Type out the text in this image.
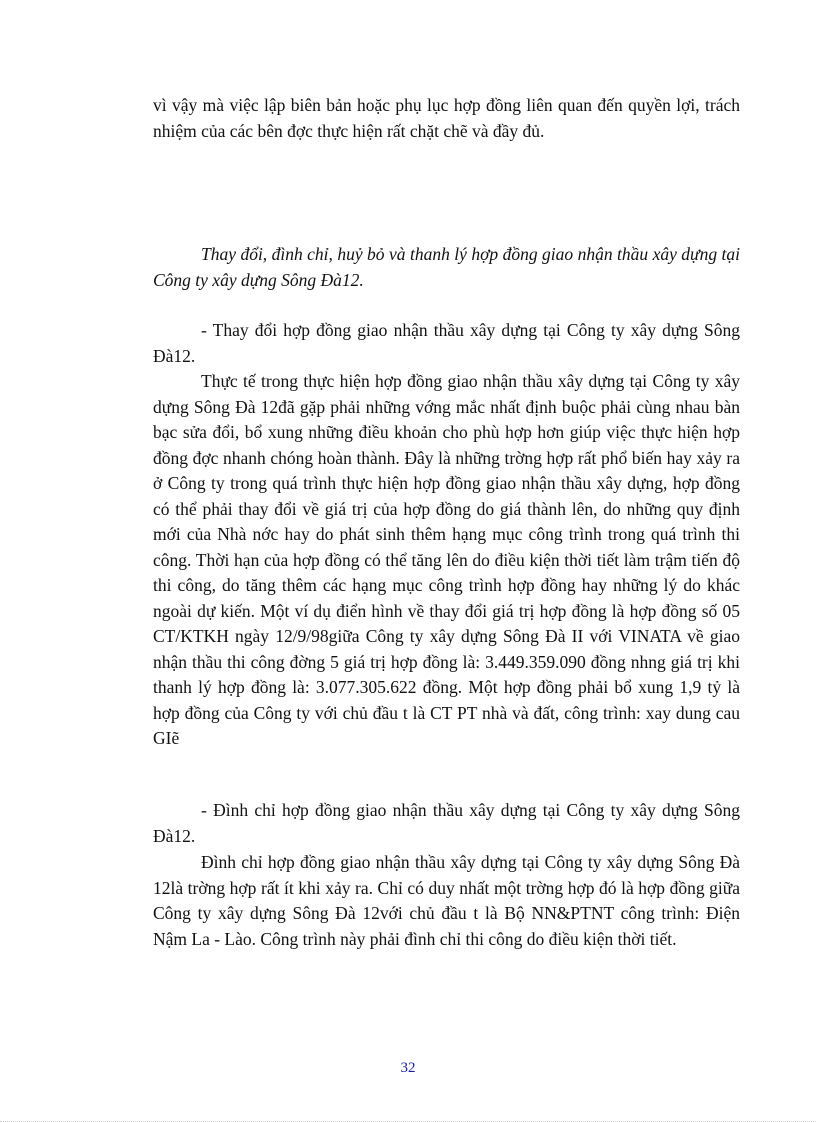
vì vậy mà việc lập biên bản hoặc phụ lục hợp đồng liên quan đến quyền lợi, trách nhiệm của các bên đợc thực hiện rất chặt chẽ và đầy đủ.

Thay đổi, đình chỉ, huỷ bỏ và thanh lý hợp đồng giao nhận thầu xây dựng tại Công ty xây dựng Sông Đà12.

- Thay đổi hợp đồng giao nhận thầu xây dựng tại Công ty xây dựng Sông Đà12.

Thực tế trong thực hiện hợp đồng giao nhận thầu xây dựng tại Công ty xây dựng Sông Đà 12đã gặp phải những vớng mắc nhất định buộc phải cùng nhau bàn bạc sửa đổi, bổ xung những điều khoản cho phù hợp hơn giúp việc thực hiện hợp đồng đợc nhanh chóng hoàn thành. Đây là những trờng hợp rất phổ biến hay xảy ra ở Công ty trong quá trình thực hiện hợp đồng giao nhận thầu xây dựng, hợp đồng có thể phải thay đổi về giá trị của hợp đồng do giá thành lên, do những quy định mới của Nhà nớc hay do phát sinh thêm hạng mục công trình trong quá trình thi công. Thời hạn của hợp đồng có thể tăng lên do điều kiện thời tiết làm trậm tiến độ thi công, do tăng thêm các hạng mục công trình hợp đồng hay những lý do khác ngoài dự kiến. Một ví dụ điển hình về thay đổi giá trị hợp đồng là hợp đồng số 05 CT/KTKH ngày 12/9/98giữa Công ty xây dựng Sông Đà II với VINATA về giao nhận thầu thi công đờng 5 giá trị hợp đồng là: 3.449.359.090 đồng nhng giá trị khi thanh lý hợp đồng là: 3.077.305.622 đồng. Một hợp đồng phải bổ xung 1,9 tỷ là hợp đồng của Công ty với chủ đầu t là CT PT nhà và đất, công trình: xay dung cau GIẽ

- Đình chỉ hợp đồng giao nhận thầu xây dựng tại Công ty xây dựng Sông Đà12.

Đình chỉ hợp đồng giao nhận thầu xây dựng tại Công ty xây dựng Sông Đà 12là trờng hợp rất ít khi xảy ra. Chỉ có duy nhất một trờng hợp đó là hợp đồng giữa Công ty xây dựng Sông Đà 12với chủ đầu t là Bộ NN&PTNT công trình: Điện Nậm La - Lào. Công trình này phải đình chỉ thi công do điều kiện thời tiết.

32
